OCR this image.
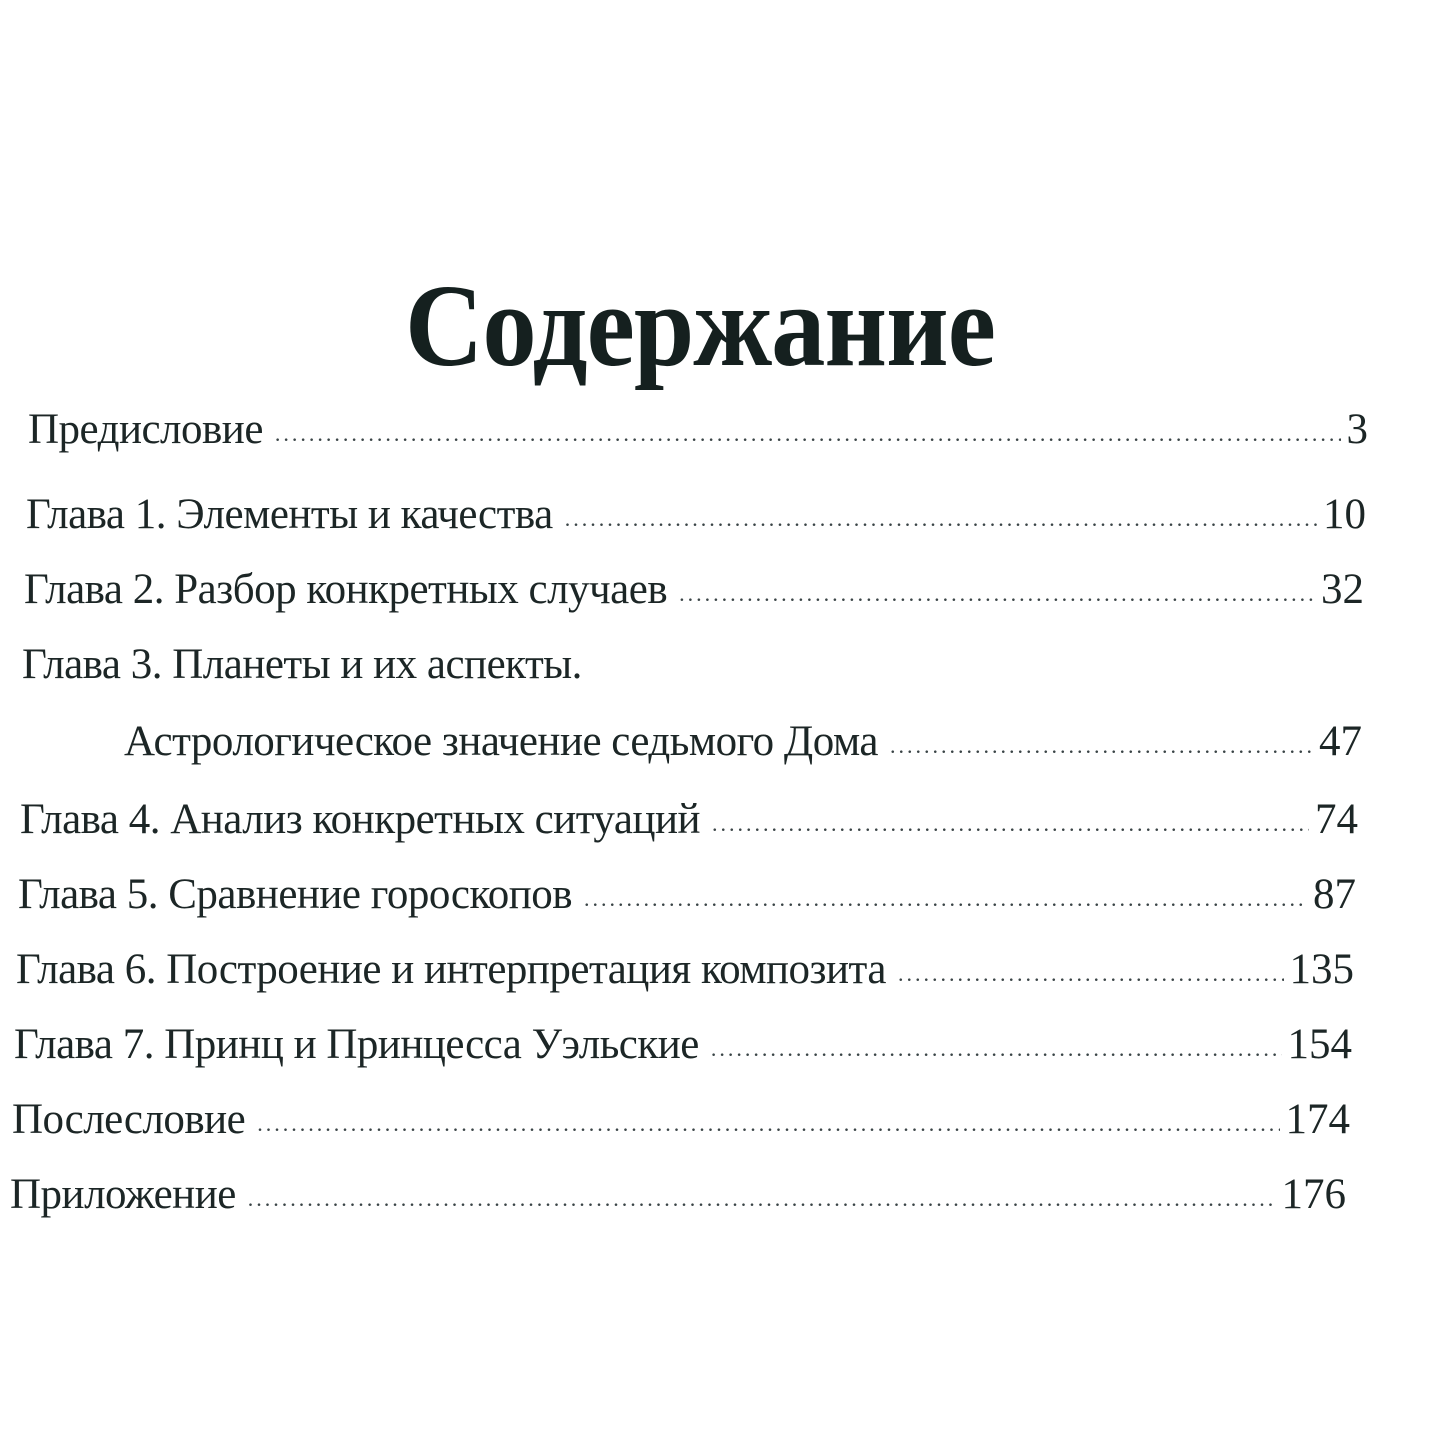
Содержание
Предисловие .....	3
Глава 1. Элементы и качества .....	10
Глава 2. Разбор конкретных случаев .....	32
Глава 3. Планеты и их аспекты.
Астрологическое значение седьмого Дома .....	47
Глава 4. Анализ конкретных ситуаций .....	74
Глава 5. Сравнение гороскопов .....	87
Глава 6. Построение и интерпретация композита .....	135
Глава 7. Принц и Принцесса Уэльские .....	154
Послесловие .....	174
Приложение .....	176
